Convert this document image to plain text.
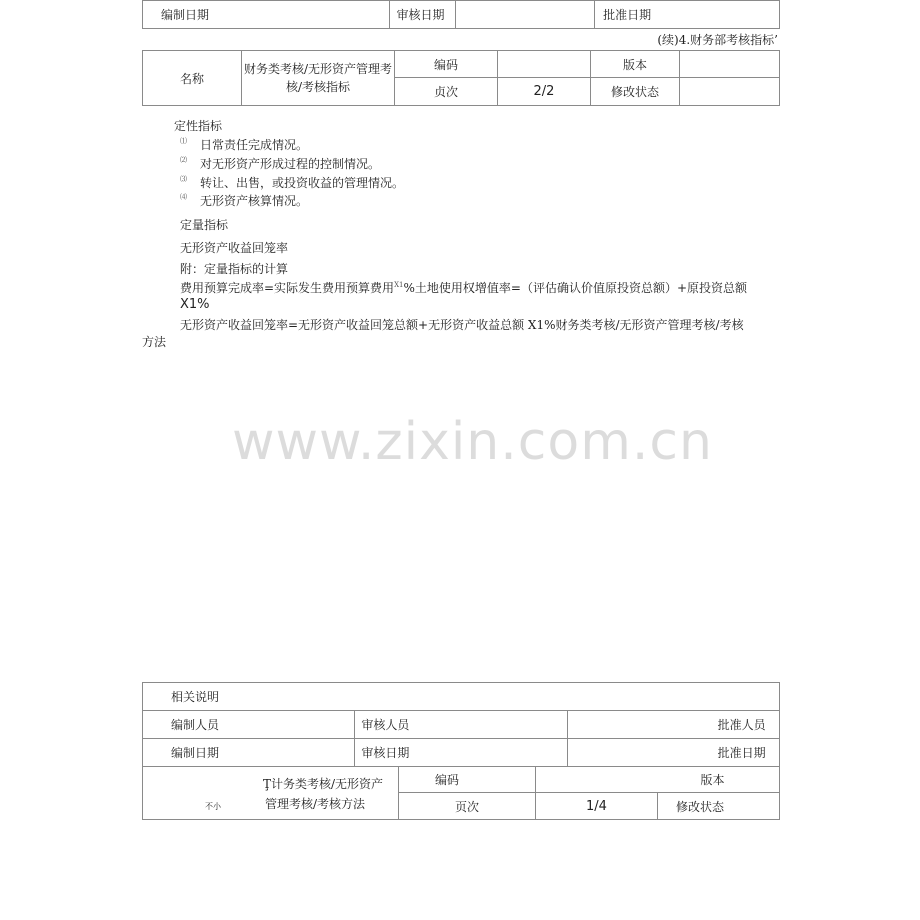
编制日期	审核日期		批准日期
(续)4.财务部考核指标’
名称	财务类考核/无形资产管理考核/考核指标	编码		版本	
		贞次	2/2	修改状态	
定性指标
⑴ 日常责任完成情况。
⑵ 对无形资产形成过程的控制情况。
⑶ 转让、出售，或投资收益的管理情况。
⑷ 无形资产核算情况。
定量指标
无形资产收益回笼率
附：定量指标的计算
费用预算完成率=实际发生费用预算费用$^{X1}$%土地使用权增值率=（评估确认价值原投资总额）+原投资总额
X1%
无形资产收益回笼率=无形资产收益回笼总额+无形资产收益总额 X1%财务类考核/无形资产管理考核/考核
方法
www.zixin.com.cn
相关说明		
编制人员	审核人员	批准人员
编制日期	审核日期	批准日期
不小
Ţ计务类考核/无形资产
管理考核/考核方法	编码	版本	
	页次	1/4	修改状态
